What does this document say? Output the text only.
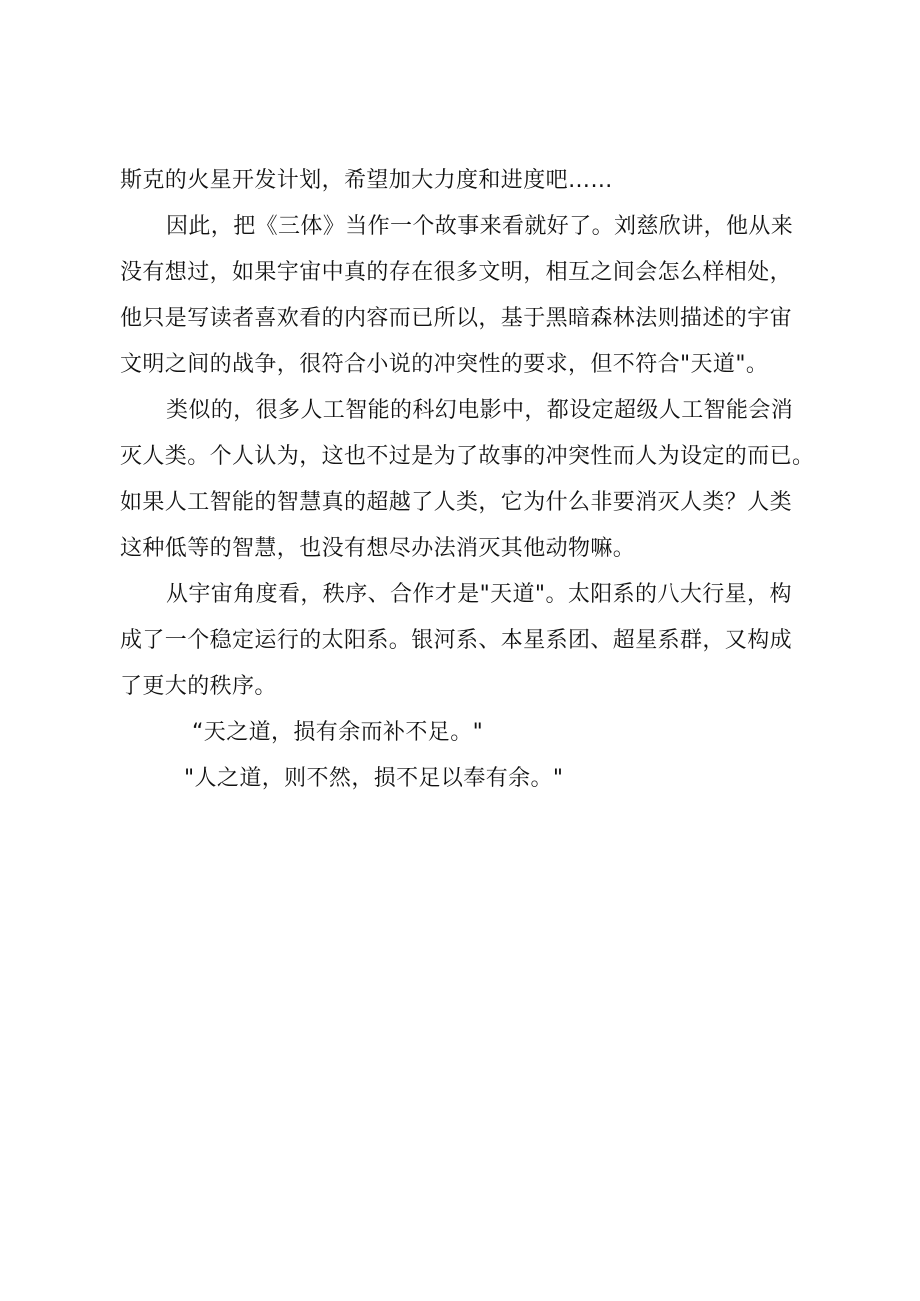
斯克的火星开发计划，希望加大力度和进度吧……
因此，把《三体》当作一个故事来看就好了。刘慈欣讲，他从来
没有想过，如果宇宙中真的存在很多文明，相互之间会怎么样相处，
他只是写读者喜欢看的内容而已所以，基于黑暗森林法则描述的宇宙
文明之间的战争，很符合小说的冲突性的要求，但不符合"天道"。
类似的，很多人工智能的科幻电影中，都设定超级人工智能会消
灭人类。个人认为，这也不过是为了故事的冲突性而人为设定的而已。
如果人工智能的智慧真的超越了人类，它为什么非要消灭人类？人类
这种低等的智慧，也没有想尽办法消灭其他动物嘛。
从宇宙角度看，秩序、合作才是"天道"。太阳系的八大行星，构
成了一个稳定运行的太阳系。银河系、本星系团、超星系群，又构成
了更大的秩序。
“天之道，损有余而补不足。"
"人之道，则不然，损不足以奉有余。"
